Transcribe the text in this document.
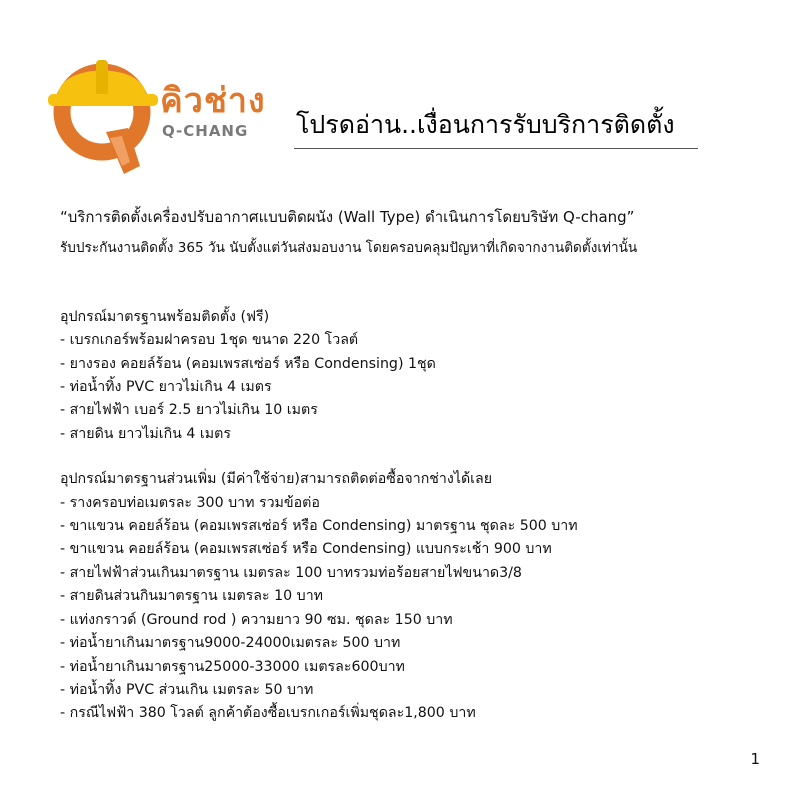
คิวช่าง
Q-CHANG โปรดอ่าน..เงื่อนการรับบริการติดตั้ง

“บริการติดตั้งเครื่องปรับอากาศแบบติดผนัง (Wall Type) ดำเนินการโดยบริษัท Q-chang”

รับประกันงานติดตั้ง 365 วัน นับตั้งแต่วันส่งมอบงาน โดยครอบคลุมปัญหาที่เกิดจากงานติดตั้งเท่านั้น

อุปกรณ์มาตรฐานพร้อมติดตั้ง (ฟรี)

- เบรกเกอร์พร้อมฝาครอบ 1ชุด ขนาด 220 โวลต์
- ยางรอง คอยล์ร้อน (คอมเพรสเซ่อร์ หรือ Condensing) 1ชุด
- ท่อน้ำทิ้ง PVC ยาวไม่เกิน 4 เมตร
- สายไฟฟ้า เบอร์ 2.5 ยาวไม่เกิน 10 เมตร
- สายดิน ยาวไม่เกิน 4 เมตร

อุปกรณ์มาตรฐานส่วนเพิ่ม (มีค่าใช้จ่าย)สามารถติดต่อซื้อจากช่างได้เลย

- รางครอบท่อเมตรละ 300 บาท รวมข้อต่อ
- ขาแขวน คอยล์ร้อน (คอมเพรสเซ่อร์ หรือ Condensing) มาตรฐาน ชุดละ 500 บาท
- ขาแขวน คอยล์ร้อน (คอมเพรสเซ่อร์ หรือ Condensing) แบบกระเช้า 900 บาท
- สายไฟฟ้าส่วนเกินมาตรฐาน เมตรละ 100 บาทรวมท่อร้อยสายไฟขนาด3/8
- สายดินส่วนกินมาตรฐาน เมตรละ 10 บาท
- แท่งกราวด์ (Ground rod ) ความยาว 90 ซม. ชุดละ 150 บาท
- ท่อน้ำยาเกินมาตรฐาน9000-24000เมตรละ 500 บาท
- ท่อน้ำยาเกินมาตรฐาน25000-33000 เมตรละ600บาท
- ท่อน้ำทิ้ง PVC ส่วนเกิน เมตรละ 50 บาท
- กรณีไฟฟ้า 380 โวลต์ ลูกค้าต้องซื้อเบรกเกอร์เพิ่มชุดละ1,800 บาท
1
